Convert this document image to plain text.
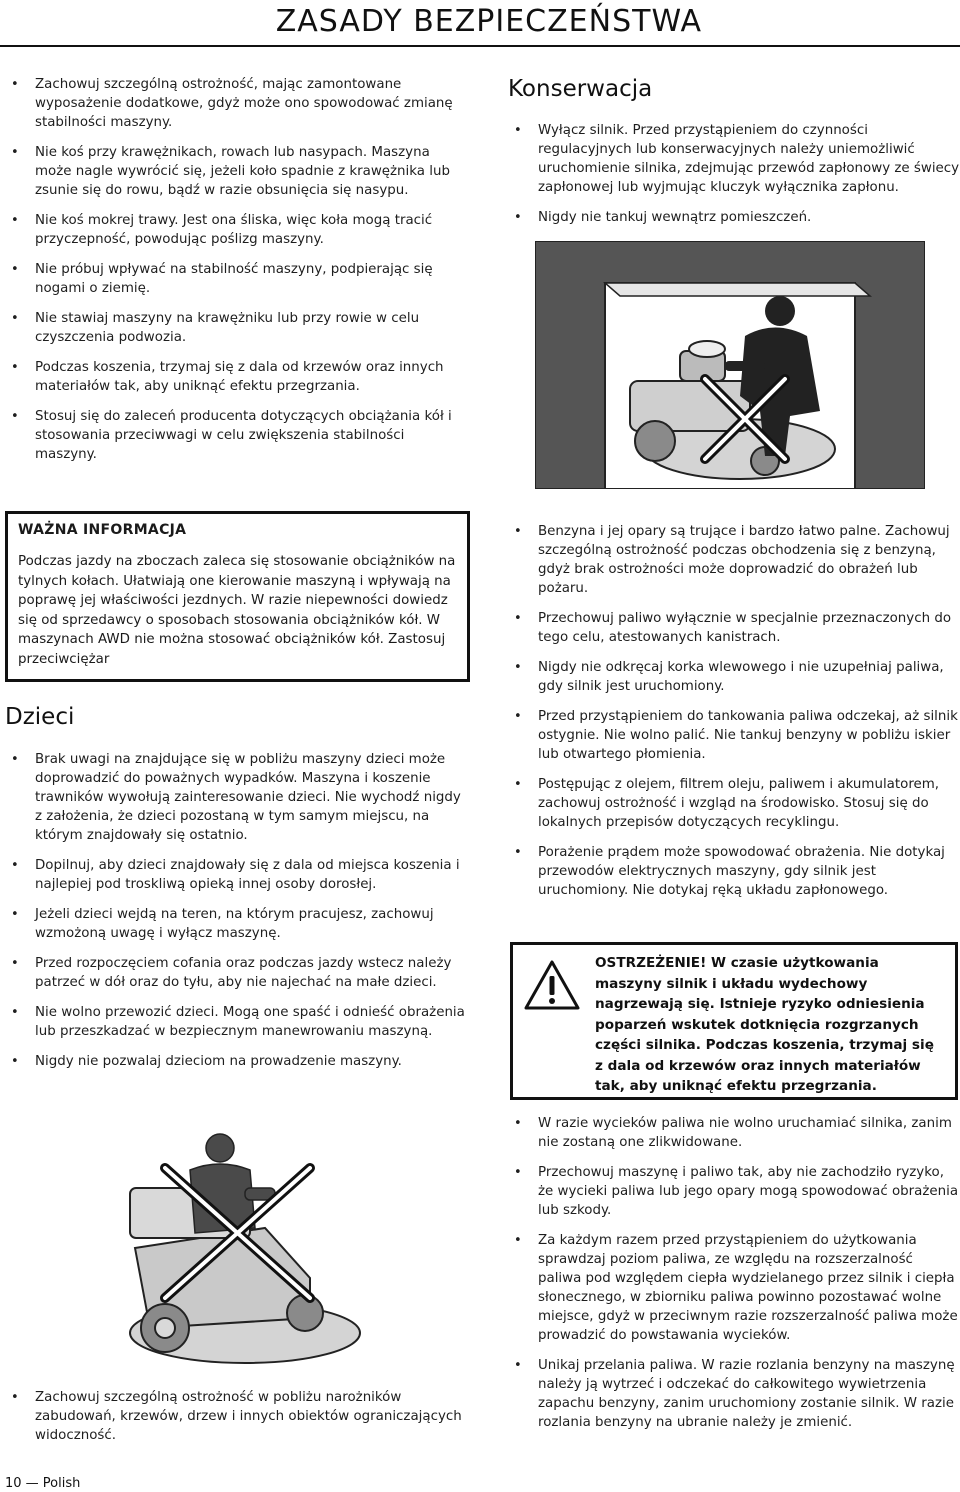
ZASADY BEZPIECZEŃSTWA
• Zachowuj szczególną ostrożność, mając zamontowane wyposażenie dodatkowe, gdyż może ono spowodować zmianę stabilności maszyny.
• Nie koś przy krawężnikach, rowach lub nasypach. Maszyna może nagle wywrócić się, jeżeli koło spadnie z krawężnika lub zsunie się do rowu, bądź w razie obsunięcia się nasypu.
• Nie koś mokrej trawy. Jest ona śliska, więc koła mogą tracić przyczepność, powodując poślizg maszyny.
• Nie próbuj wpływać na stabilność maszyny, podpierając się nogami o ziemię.
• Nie stawiaj maszyny na krawężniku lub przy rowie w celu czyszczenia podwozia.
• Podczas koszenia, trzymaj się z dala od krzewów oraz innych materiałów tak, aby uniknąć efektu przegrzania.
• Stosuj się do zaleceń producenta dotyczących obciążania kół i stosowania przeciwwagi w celu zwiększenia stabilności maszyny.
WAŻNA INFORMACJA
Podczas jazdy na zboczach zaleca się stosowanie obciążników na tylnych kołach. Ułatwiają one kierowanie maszyną i wpływają na poprawę jej właściwości jezdnych. W razie niepewności dowiedz się od sprzedawcy o sposobach stosowania obciążników kół. W maszynach AWD nie można stosować obciążników kół. Zastosuj przeciwciężar
Dzieci
• Brak uwagi na znajdujące się w pobliżu maszyny dzieci może doprowadzić do poważnych wypadków. Maszyna i koszenie trawników wywołują zainteresowanie dzieci. Nie wychodź nigdy z założenia, że dzieci pozostaną w tym samym miejscu, na którym znajdowały się ostatnio.
• Dopilnuj, aby dzieci znajdowały się z dala od miejsca koszenia i najlepiej pod troskliwą opieką innej osoby dorosłej.
• Jeżeli dzieci wejdą na teren, na którym pracujesz, zachowuj wzmożoną uwagę i wyłącz maszynę.
• Przed rozpoczęciem cofania oraz podczas jazdy wstecz należy patrzeć w dół oraz do tyłu, aby nie najechać na małe dzieci.
• Nie wolno przewozić dzieci. Mogą one spaść i odnieść obrażenia lub przeszkadzać w bezpiecznym manewrowaniu maszyną.
• Nigdy nie pozwalaj dzieciom na prowadzenie maszyny.
• Zachowuj szczególną ostrożność w pobliżu narożników zabudowań, krzewów, drzew i innych obiektów ograniczających widoczność.
Konserwacja
• Wyłącz silnik. Przed przystąpieniem do czynności regulacyjnych lub konserwacyjnych należy uniemożliwić uruchomienie silnika, zdejmując przewód zapłonowy ze świecy zapłonowej lub wyjmując kluczyk wyłącznika zapłonu.
• Nigdy nie tankuj wewnątrz pomieszczeń.
• Benzyna i jej opary są trujące i bardzo łatwo palne. Zachowuj szczególną ostrożność podczas obchodzenia się z benzyną, gdyż brak ostrożności może doprowadzić do obrażeń lub pożaru.
• Przechowuj paliwo wyłącznie w specjalnie przeznaczonych do tego celu, atestowanych kanistrach.
• Nigdy nie odkręcaj korka wlewowego i nie uzupełniaj paliwa, gdy silnik jest uruchomiony.
• Przed przystąpieniem do tankowania paliwa odczekaj, aż silnik ostygnie. Nie wolno palić. Nie tankuj benzyny w pobliżu iskier lub otwartego płomienia.
• Postępując z olejem, filtrem oleju, paliwem i akumulatorem, zachowuj ostrożność i wzgląd na środowisko. Stosuj się do lokalnych przepisów dotyczących recyklingu.
• Porażenie prądem może spowodować obrażenia. Nie dotykaj przewodów elektrycznych maszyny, gdy silnik jest uruchomiony. Nie dotykaj ręką układu zapłonowego.
OSTRZEŻENIE! W czasie użytkowania maszyny silnik i układu wydechowy nagrzewają się. Istnieje ryzyko odniesienia poparzeń wskutek dotknięcia rozgrzanych części silnika. Podczas koszenia, trzymaj się z dala od krzewów oraz innych materiałów tak, aby uniknąć efektu przegrzania.
• W razie wycieków paliwa nie wolno uruchamiać silnika, zanim nie zostaną one zlikwidowane.
• Przechowuj maszynę i paliwo tak, aby nie zachodziło ryzyko, że wycieki paliwa lub jego opary mogą spowodować obrażenia lub szkody.
• Za każdym razem przed przystąpieniem do użytkowania sprawdzaj poziom paliwa, ze względu na rozszerzalność paliwa pod względem ciepła wydzielanego przez silnik i ciepła słonecznego, w zbiorniku paliwa powinno pozostawać wolne miejsce, gdyż w przeciwnym razie rozszerzalność paliwa może prowadzić do powstawania wycieków.
• Unikaj przelania paliwa. W razie rozlania benzyny na maszynę należy ją wytrzeć i odczekać do całkowitego wywietrzenia zapachu benzyny, zanim uruchomiony zostanie silnik. W razie rozlania benzyny na ubranie należy je zmienić.
10 — Polish
